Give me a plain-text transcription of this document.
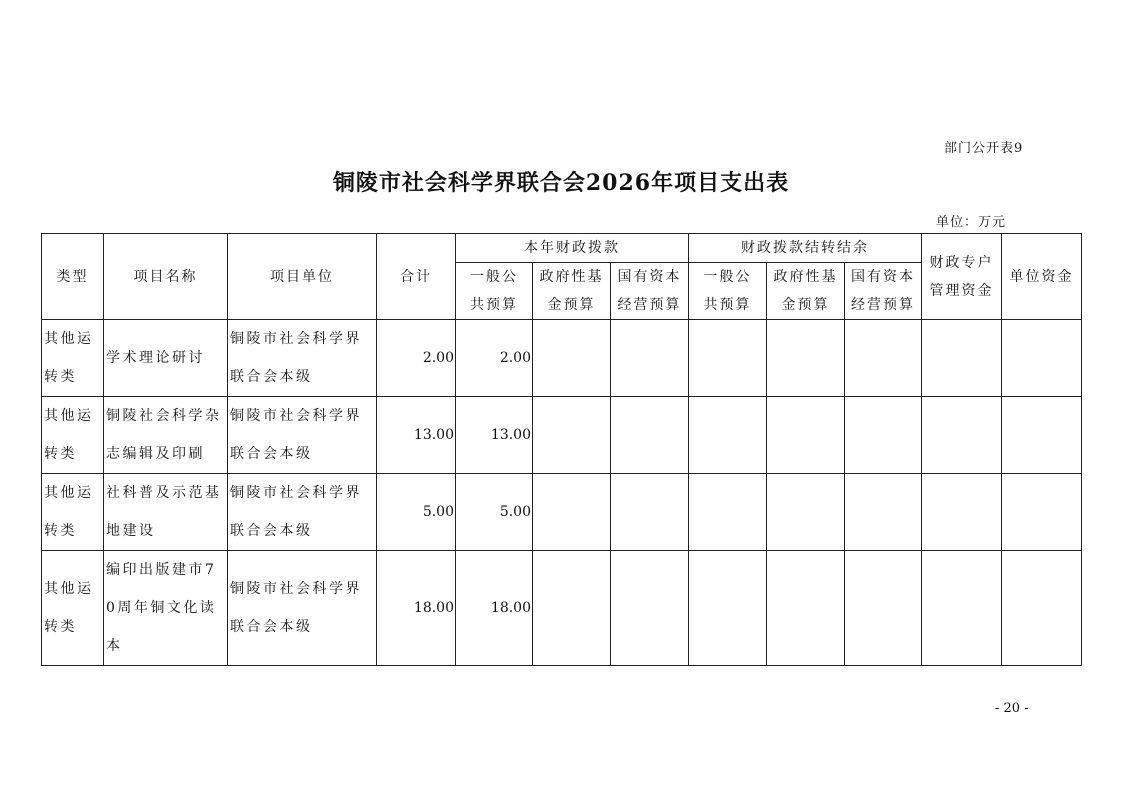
部门公开表9
铜陵市社会科学界联合会2026年项目支出表
单位：万元
类型	项目名称	项目单位	合计	本年财政拨款			财政拨款结转结余			财政专户管理资金	单位资金
				一般公共预算	政府性基金预算	国有资本经营预算	一般公共预算	政府性基金预算	国有资本经营预算		
其他运转类	学术理论研讨	铜陵市社会科学界联合会本级	2.00	2.00							
其他运转类	铜陵社会科学杂志编辑及印刷	铜陵市社会科学界联合会本级	13.00	13.00							
其他运转类	社科普及示范基地建设	铜陵市社会科学界联合会本级	5.00	5.00							
其他运转类	编印出版建市70周年铜文化读本	铜陵市社会科学界联合会本级	18.00	18.00							
- 20 -
